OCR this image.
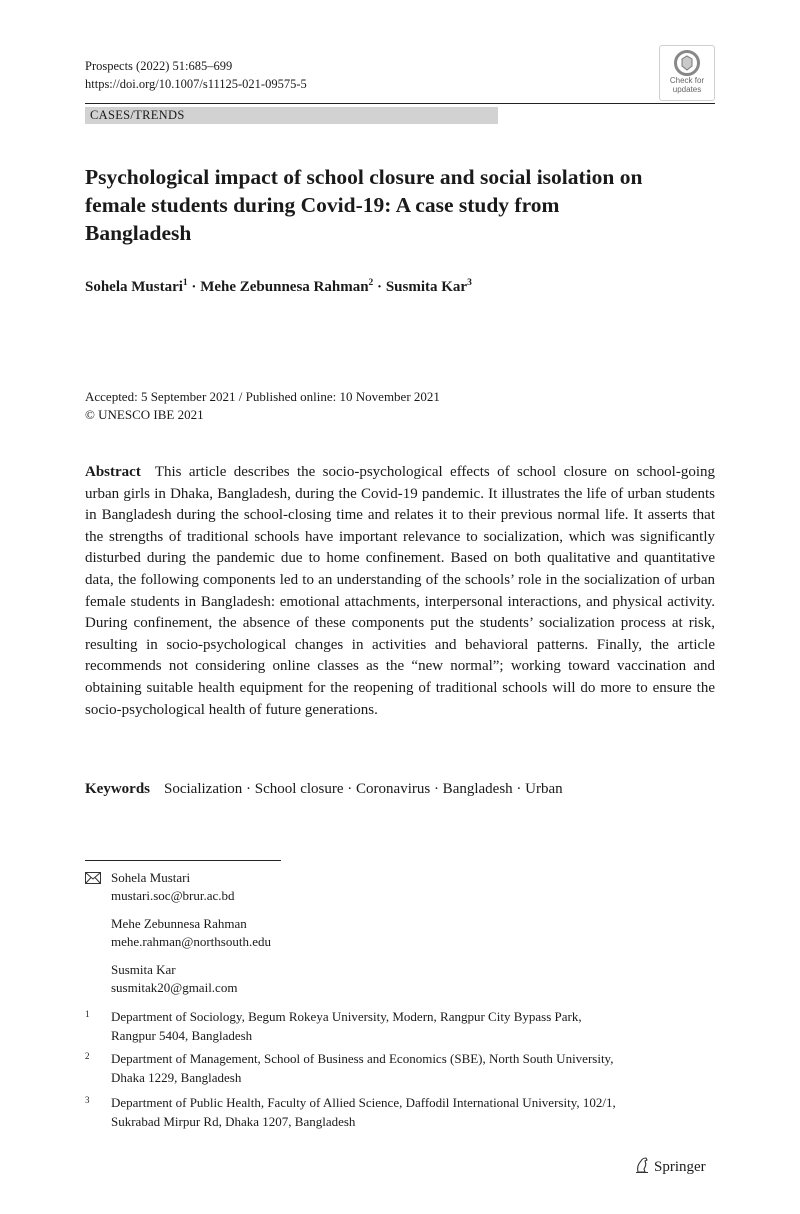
Prospects (2022) 51:685–699
https://doi.org/10.1007/s11125-021-09575-5	Check for
updates
CASES/TRENDS
Psychological impact of school closure and social isolation on female students during Covid-19: A case study from Bangladesh
Sohela Mustari$^1$ · Mehe Zebunnesa Rahman$^2$ · Susmita Kar$^3$
Accepted: 5 September 2021 / Published online: 10 November 2021
© UNESCO IBE 2021

Abstract This article describes the socio-psychological effects of school closure on school-going urban girls in Dhaka, Bangladesh, during the Covid-19 pandemic. It illustrates the life of urban students in Bangladesh during the school-closing time and relates it to their previous normal life. It asserts that the strengths of traditional schools have important relevance to socialization, which was significantly disturbed during the pandemic due to home confinement. Based on both qualitative and quantitative data, the following components led to an understanding of the schools’ role in the socialization of urban female students in Bangladesh: emotional attachments, interpersonal interactions, and physical activity. During confinement, the absence of these components put the students’ socialization process at risk, resulting in socio-psychological changes in activities and behavioral patterns. Finally, the article recommends not considering online classes as the “new normal”; working toward vaccination and obtaining suitable health equipment for the reopening of traditional schools will do more to ensure the socio-psychological health of future generations.

Keywords Socialization · School closure · Coronavirus · Bangladesh · Urban
Sohela Mustari
mustari.soc@brur.ac.bd
Mehe Zebunnesa Rahman
mehe.rahman@northsouth.edu
Susmita Kar
susmitak20@gmail.com
1 Department of Sociology, Begum Rokeya University, Modern, Rangpur City Bypass Park,
Rangpur 5404, Bangladesh
2 Department of Management, School of Business and Economics (SBE), North South University,
Dhaka 1229, Bangladesh
3 Department of Public Health, Faculty of Allied Science, Daffodil International University, 102/1,
Sukrabad Mirpur Rd, Dhaka 1207, Bangladesh
Springer
